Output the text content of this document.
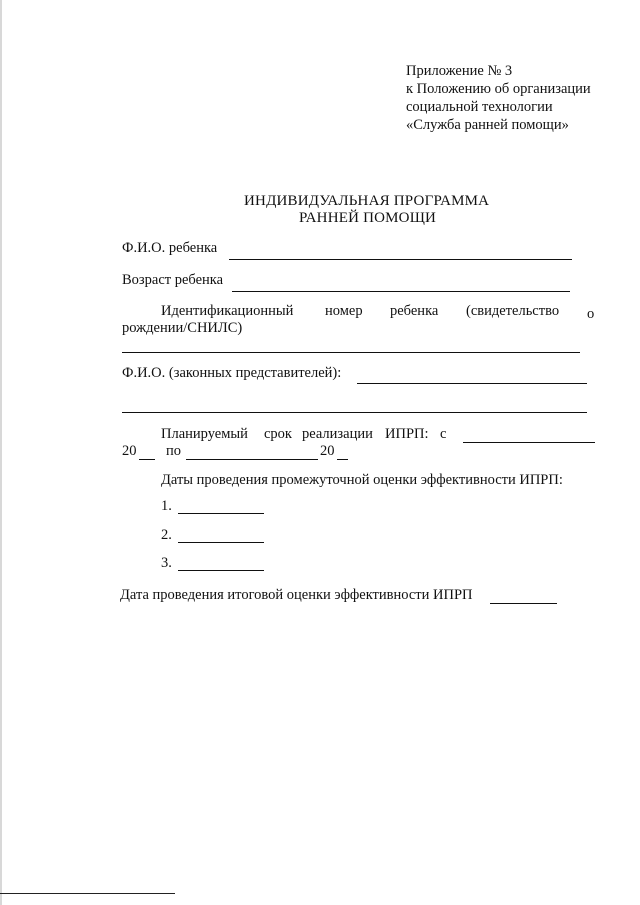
Приложение № 3
к Положению об организации
социальной технологии
«Служба ранней помощи»
ИНДИВИДУАЛЬНАЯ ПРОГРАММА
РАННЕЙ ПОМОЩИ
Ф.И.О. ребенка
Возраст ребенка
Идентификационный номер ребенка (свидетельство о
рождении/СНИЛС)
Ф.И.О. (законных представителей):
Планируемый срок реализации ИПРП: с
20 по	20
Даты проведения промежуточной оценки эффективности ИПРП:
1.
2.
3.
Дата проведения итоговой оценки эффективности ИПРП
